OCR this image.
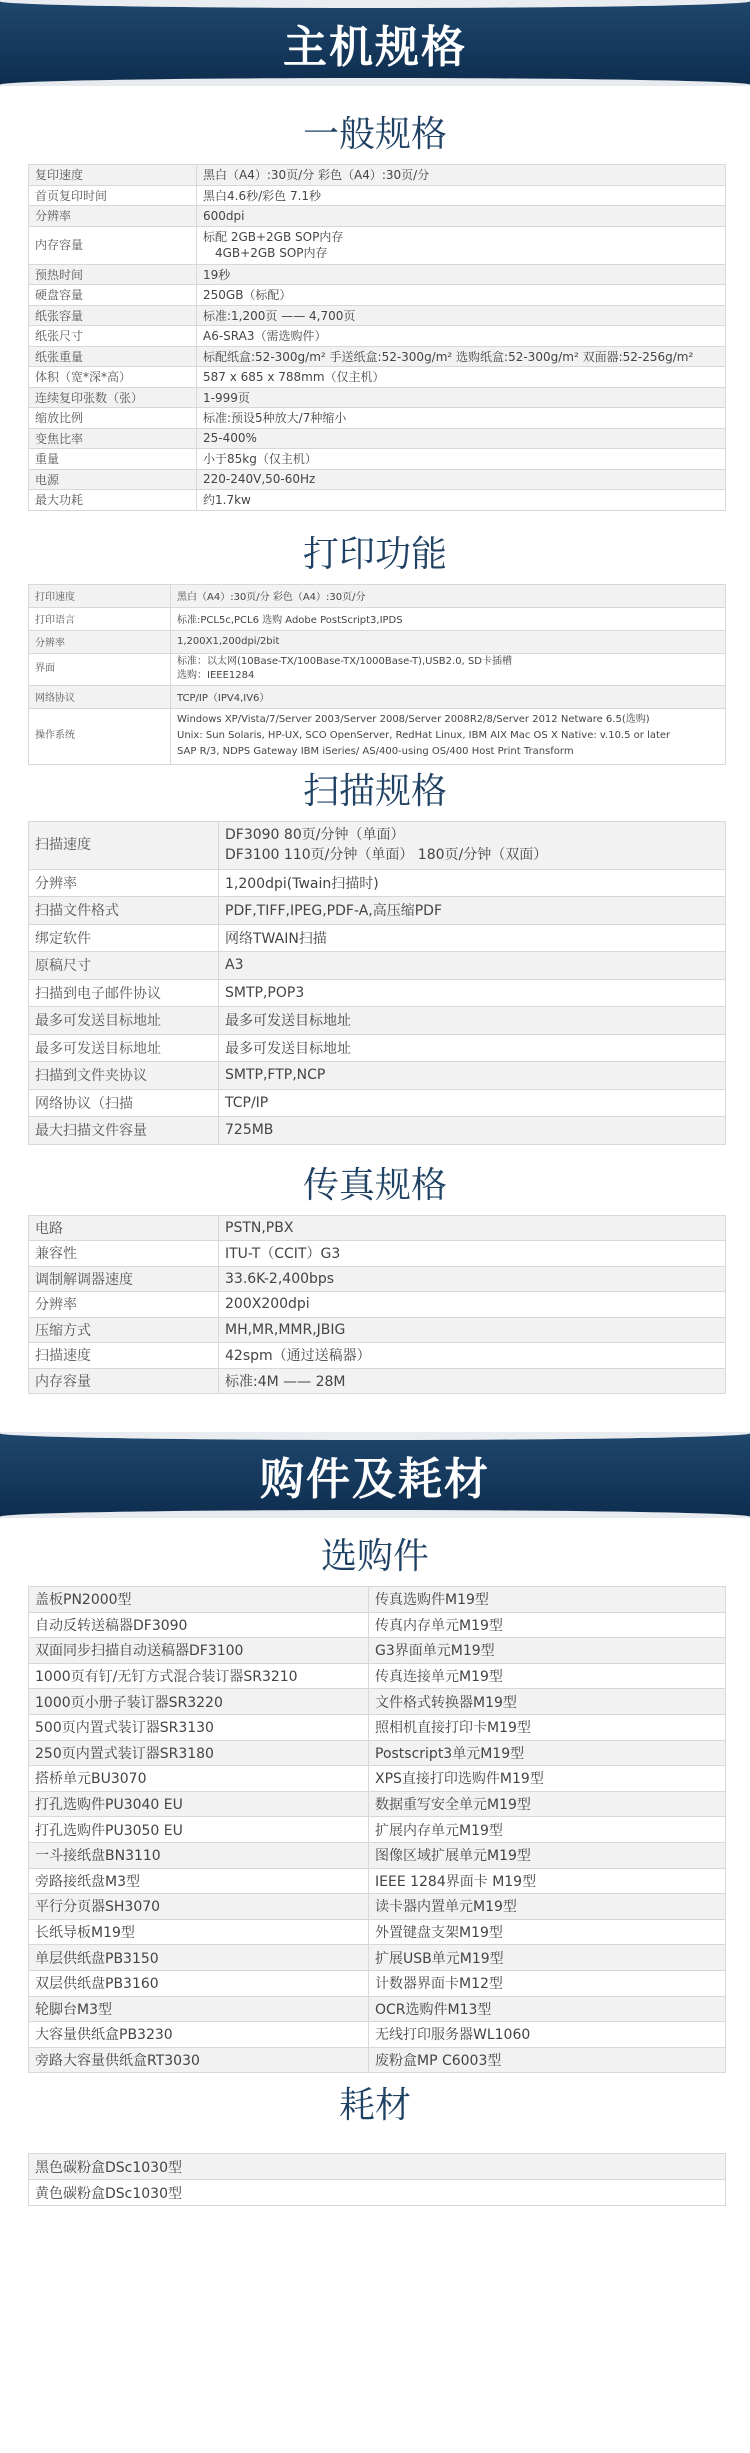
主机规格
一般规格
复印速度	黑白（A4）:30页/分 彩色（A4）:30页/分

首页复印时间	黑白4.6秒/彩色 7.1秒

分辨率	600dpi

内存容量	标配 2GB+2GB SOP内存
4GB+2GB SOP内存

预热时间	19秒

硬盘容量	250GB（标配）

纸张容量	标准:1,200页 —— 4,700页

纸张尺寸	A6-SRA3（需选购件）

纸张重量	标配纸盒:52-300g/m² 手送纸盒:52-300g/m² 选购纸盒:52-300g/m² 双面器:52-256g/m²

体积（宽*深*高）	587 x 685 x 788mm（仅主机）

连续复印张数（张）	1-999页

缩放比例	标准:预设5种放大/7种缩小

变焦比率	25-400%

重量	小于85kg（仅主机）

电源	220-240V,50-60Hz

最大功耗	约1.7kw
打印功能
打印速度	黑白（A4）:30页/分 彩色（A4）:30页/分

打印语言	标准:PCL5c,PCL6 选购 Adobe PostScript3,IPDS

分辨率	1,200X1,200dpi/2bit

界面	标准：以太网(10Base-TX/100Base-TX/1000Base-T),USB2.0, SD卡插槽
选购：IEEE1284

网络协议	TCP/IP（IPV4,IV6）

操作系统	Windows XP/Vista/7/Server 2003/Server 2008/Server 2008R2/8/Server 2012 Netware 6.5(选购)
Unix: Sun Solaris, HP-UX, SCO OpenServer, RedHat Linux, IBM AIX Mac OS X Native: v.10.5 or later
SAP R/3, NDPS Gateway IBM iSeries/ AS/400-using OS/400 Host Print Transform
扫描规格
扫描速度	DF3090 80页/分钟（单面）
DF3100 110页/分钟（单面） 180页/分钟（双面）

分辨率	1,200dpi(Twain扫描时)

扫描文件格式	PDF,TIFF,IPEG,PDF-A,高压缩PDF

绑定软件	网络TWAIN扫描

原稿尺寸	A3

扫描到电子邮件协议	SMTP,POP3

最多可发送目标地址	最多可发送目标地址

最多可发送目标地址	最多可发送目标地址

扫描到文件夹协议	SMTP,FTP,NCP

网络协议（扫描	TCP/IP

最大扫描文件容量	725MB
传真规格
电路	PSTN,PBX

兼容性	ITU-T（CCIT）G3

调制解调器速度	33.6K-2,400bps

分辨率	200X200dpi

压缩方式	MH,MR,MMR,JBIG

扫描速度	42spm（通过送稿器）

内存容量	标准:4M —— 28M
购件及耗材
选购件
盖板PN2000型	传真选购件M19型
自动反转送稿器DF3090	传真内存单元M19型
双面同步扫描自动送稿器DF3100	G3界面单元M19型
1000页有钉/无钉方式混合装订器SR3210	传真连接单元M19型
1000页小册子装订器SR3220	文件格式转换器M19型
500页内置式装订器SR3130	照相机直接打印卡M19型
250页内置式装订器SR3180	Postscript3单元M19型
搭桥单元BU3070	XPS直接打印选购件M19型
打孔选购件PU3040 EU	数据重写安全单元M19型
打孔选购件PU3050 EU	扩展内存单元M19型
一斗接纸盘BN3110	图像区域扩展单元M19型
旁路接纸盘M3型	IEEE 1284界面卡 M19型
平行分页器SH3070	读卡器内置单元M19型
长纸导板M19型	外置键盘支架M19型
单层供纸盘PB3150	扩展USB单元M19型
双层供纸盘PB3160	计数器界面卡M12型
轮脚台M3型	OCR选购件M13型
大容量供纸盒PB3230	无线打印服务器WL1060
旁路大容量供纸盒RT3030	废粉盒MP C6003型
耗材
黑色碳粉盒DSc1030型
黄色碳粉盒DSc1030型
